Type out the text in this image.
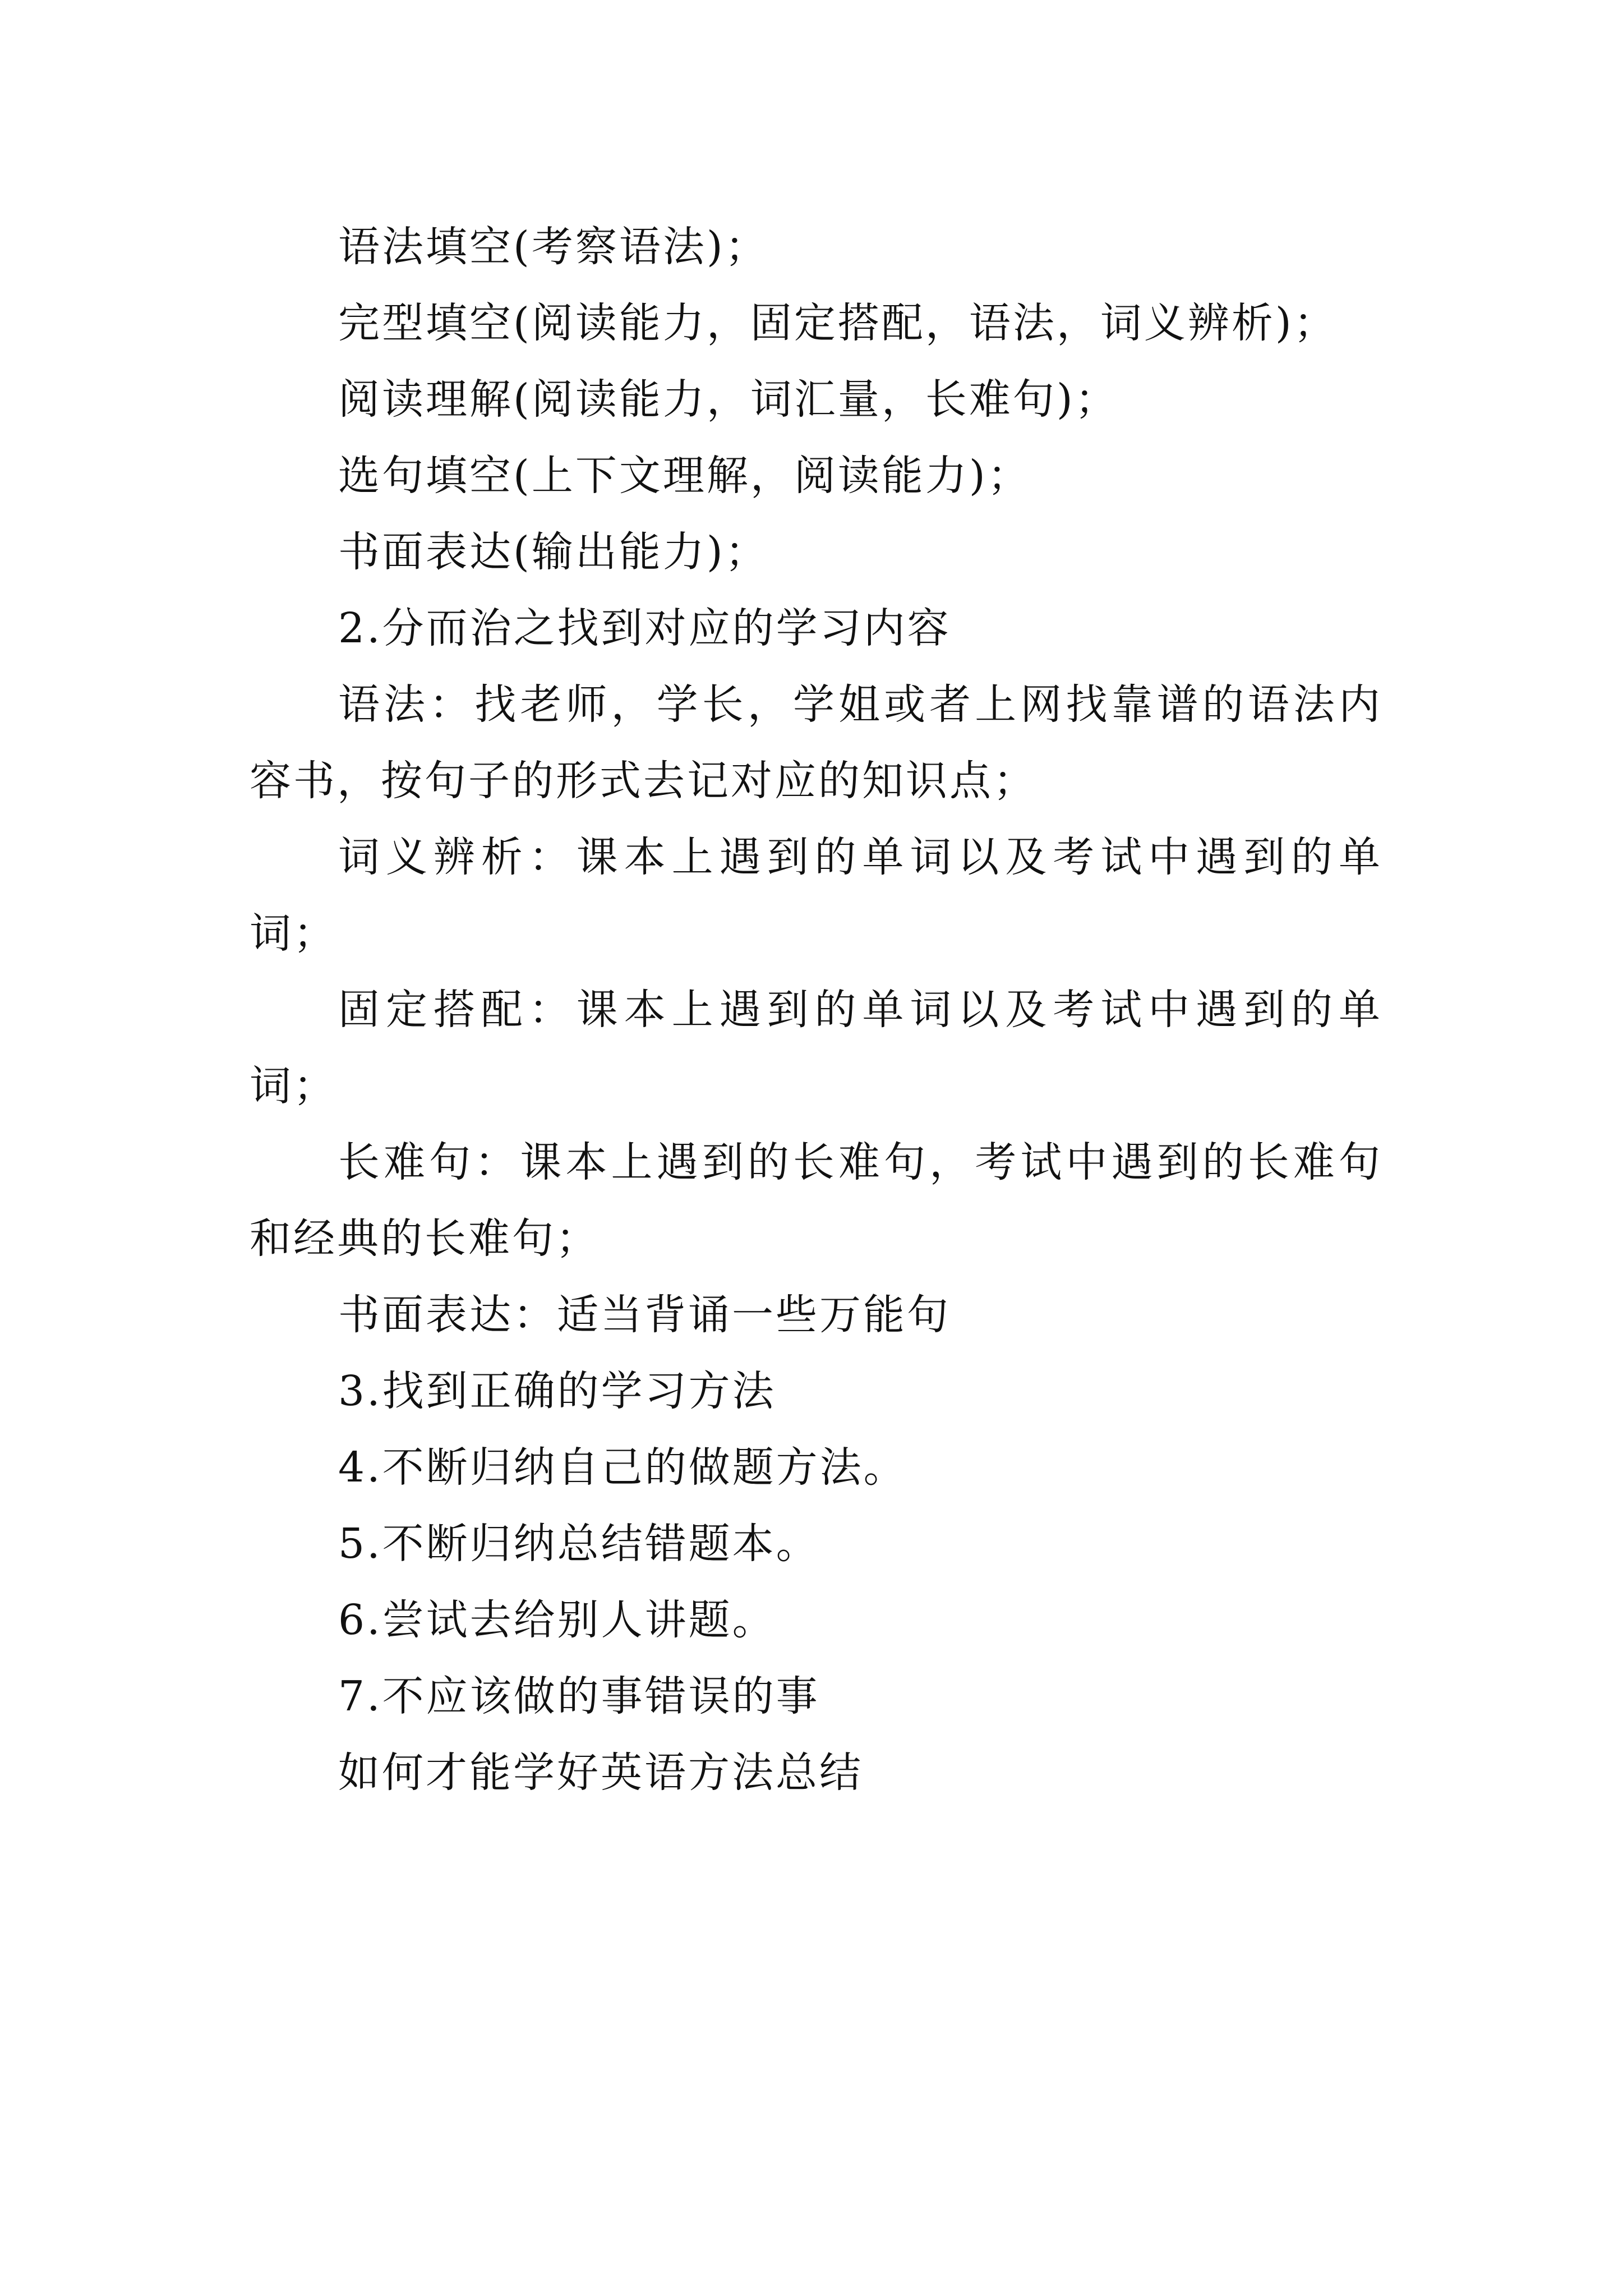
语法填空(考察语法)；

完型填空(阅读能力，固定搭配，语法，词义辨析)；

阅读理解(阅读能力，词汇量，长难句)；

选句填空(上下文理解，阅读能力)；

书面表达(输出能力)；

2.分而治之找到对应的学习内容

语法：找老师，学长，学姐或者上网找靠谱的语法内容书，按句子的形式去记对应的知识点；

词义辨析：课本上遇到的单词以及考试中遇到的单词；

固定搭配：课本上遇到的单词以及考试中遇到的单词；

长难句：课本上遇到的长难句，考试中遇到的长难句和经典的长难句；

书面表达：适当背诵一些万能句

3.找到正确的学习方法

4.不断归纳自己的做题方法。

5.不断归纳总结错题本。

6.尝试去给别人讲题。

7.不应该做的事错误的事

如何才能学好英语方法总结
